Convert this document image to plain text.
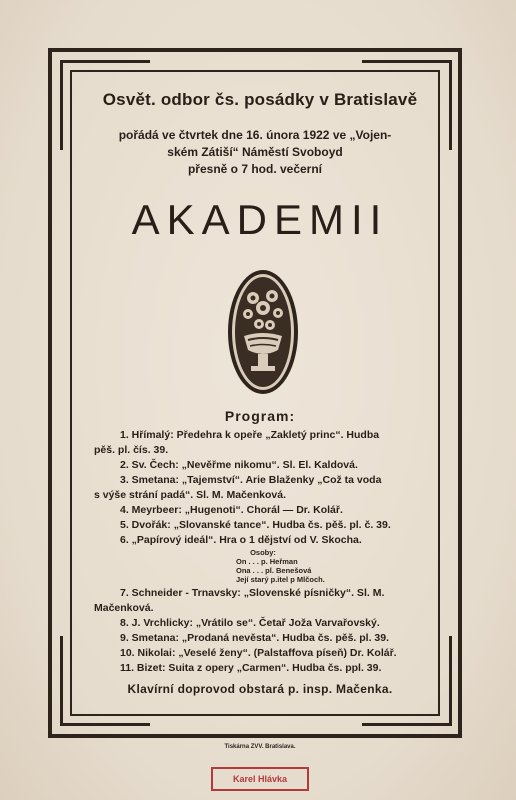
Osvět. odbor čs. posádky v Bratislavě
pořádá ve čtvrtek dne 16. února 1922 ve „Vojen-
ském Zátiší“ Náměstí Svoboyd
přesně o 7 hod. večerní
AKADEMII
Program:
1. Hřímalý: Předehra k opeře „Zakletý princ“. Hudba
pěš. pl. čís. 39.
2. Sv. Čech: „Nevěřme nikomu“. Sl. El. Kaldová.
3. Smetana: „Tajemství“. Arie Blaženky „Což ta voda
s výše strání padá“. Sl. M. Mačenková.
4. Meyrbeer: „Hugenoti“. Chorál — Dr. Kolář.
5. Dvořák: „Slovanské tance“. Hudba čs. pěš. pl. č. 39.
6. „Papírový ideál“. Hra o 1 dějství od V. Skocha.
Osoby:
On . . . p. Heřman
Ona . . . pl. Benešová
Její starý p.itel p Mlčoch.
7. Schneider - Trnavsky: „Slovenské písničky“. Sl. M.
Mačenková.
8. J. Vrchlicky: „Vrátilo se“. Četař Joža Varvařovský.
9. Smetana: „Prodaná nevěsta“. Hudba čs. pěš. pl. 39.
10. Nikolai: „Veselé ženy“. (Palstaffova píseň) Dr. Kolář.
11. Bizet: Suita z opery „Carmen“. Hudba čs. ppl. 39.
Klavírní doprovod obstará p. insp. Mačenka.
Tiskárna ZVV. Bratislava.
Karel Hlávka
